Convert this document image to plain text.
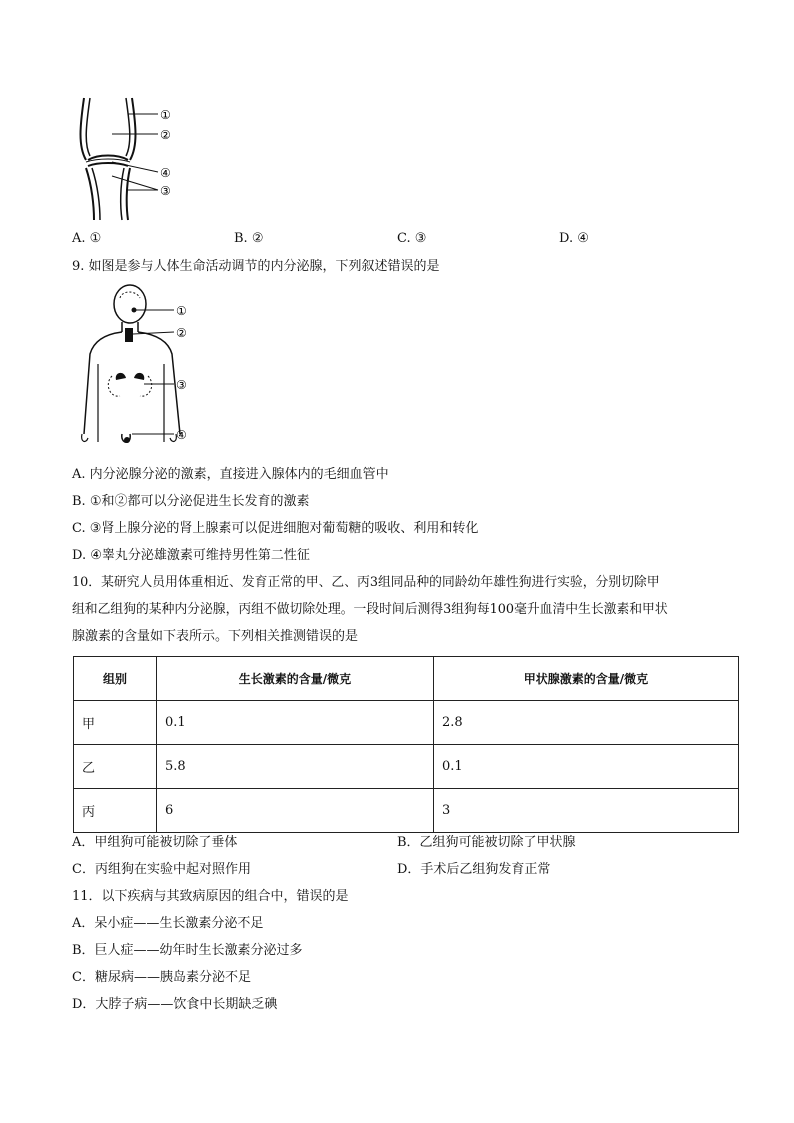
①
②
④
③
A. ①	B. ②	C. ③	D. ④
9. 如图是参与人体生命活动调节的内分泌腺，下列叙述错误的是
①
②
③
④
A. 内分泌腺分泌的激素，直接进入腺体内的毛细血管中
B. ①和②都可以分泌促进生长发育的激素
C. ③肾上腺分泌的肾上腺素可以促进细胞对葡萄糖的吸收、利用和转化
D. ④睾丸分泌雄激素可维持男性第二性征
10．某研究人员用体重相近、发育正常的甲、乙、丙3组同品种的同龄幼年雄性狗进行实验，分别切除甲
组和乙组狗的某种内分泌腺，丙组不做切除处理。一段时间后测得3组狗每100毫升血清中生长激素和甲状
腺激素的含量如下表所示。下列相关推测错误的是
组别	生长激素的含量/微克	甲状腺激素的含量/微克
甲	0.1	2.8
乙	5.8	0.1
丙	6	3
A．甲组狗可能被切除了垂体	B．乙组狗可能被切除了甲状腺
C．丙组狗在实验中起对照作用	D．手术后乙组狗发育正常
11．以下疾病与其致病原因的组合中，错误的是
A．呆小症——生长激素分泌不足
B．巨人症——幼年时生长激素分泌过多
C．糖尿病——胰岛素分泌不足
D．大脖子病——饮食中长期缺乏碘
